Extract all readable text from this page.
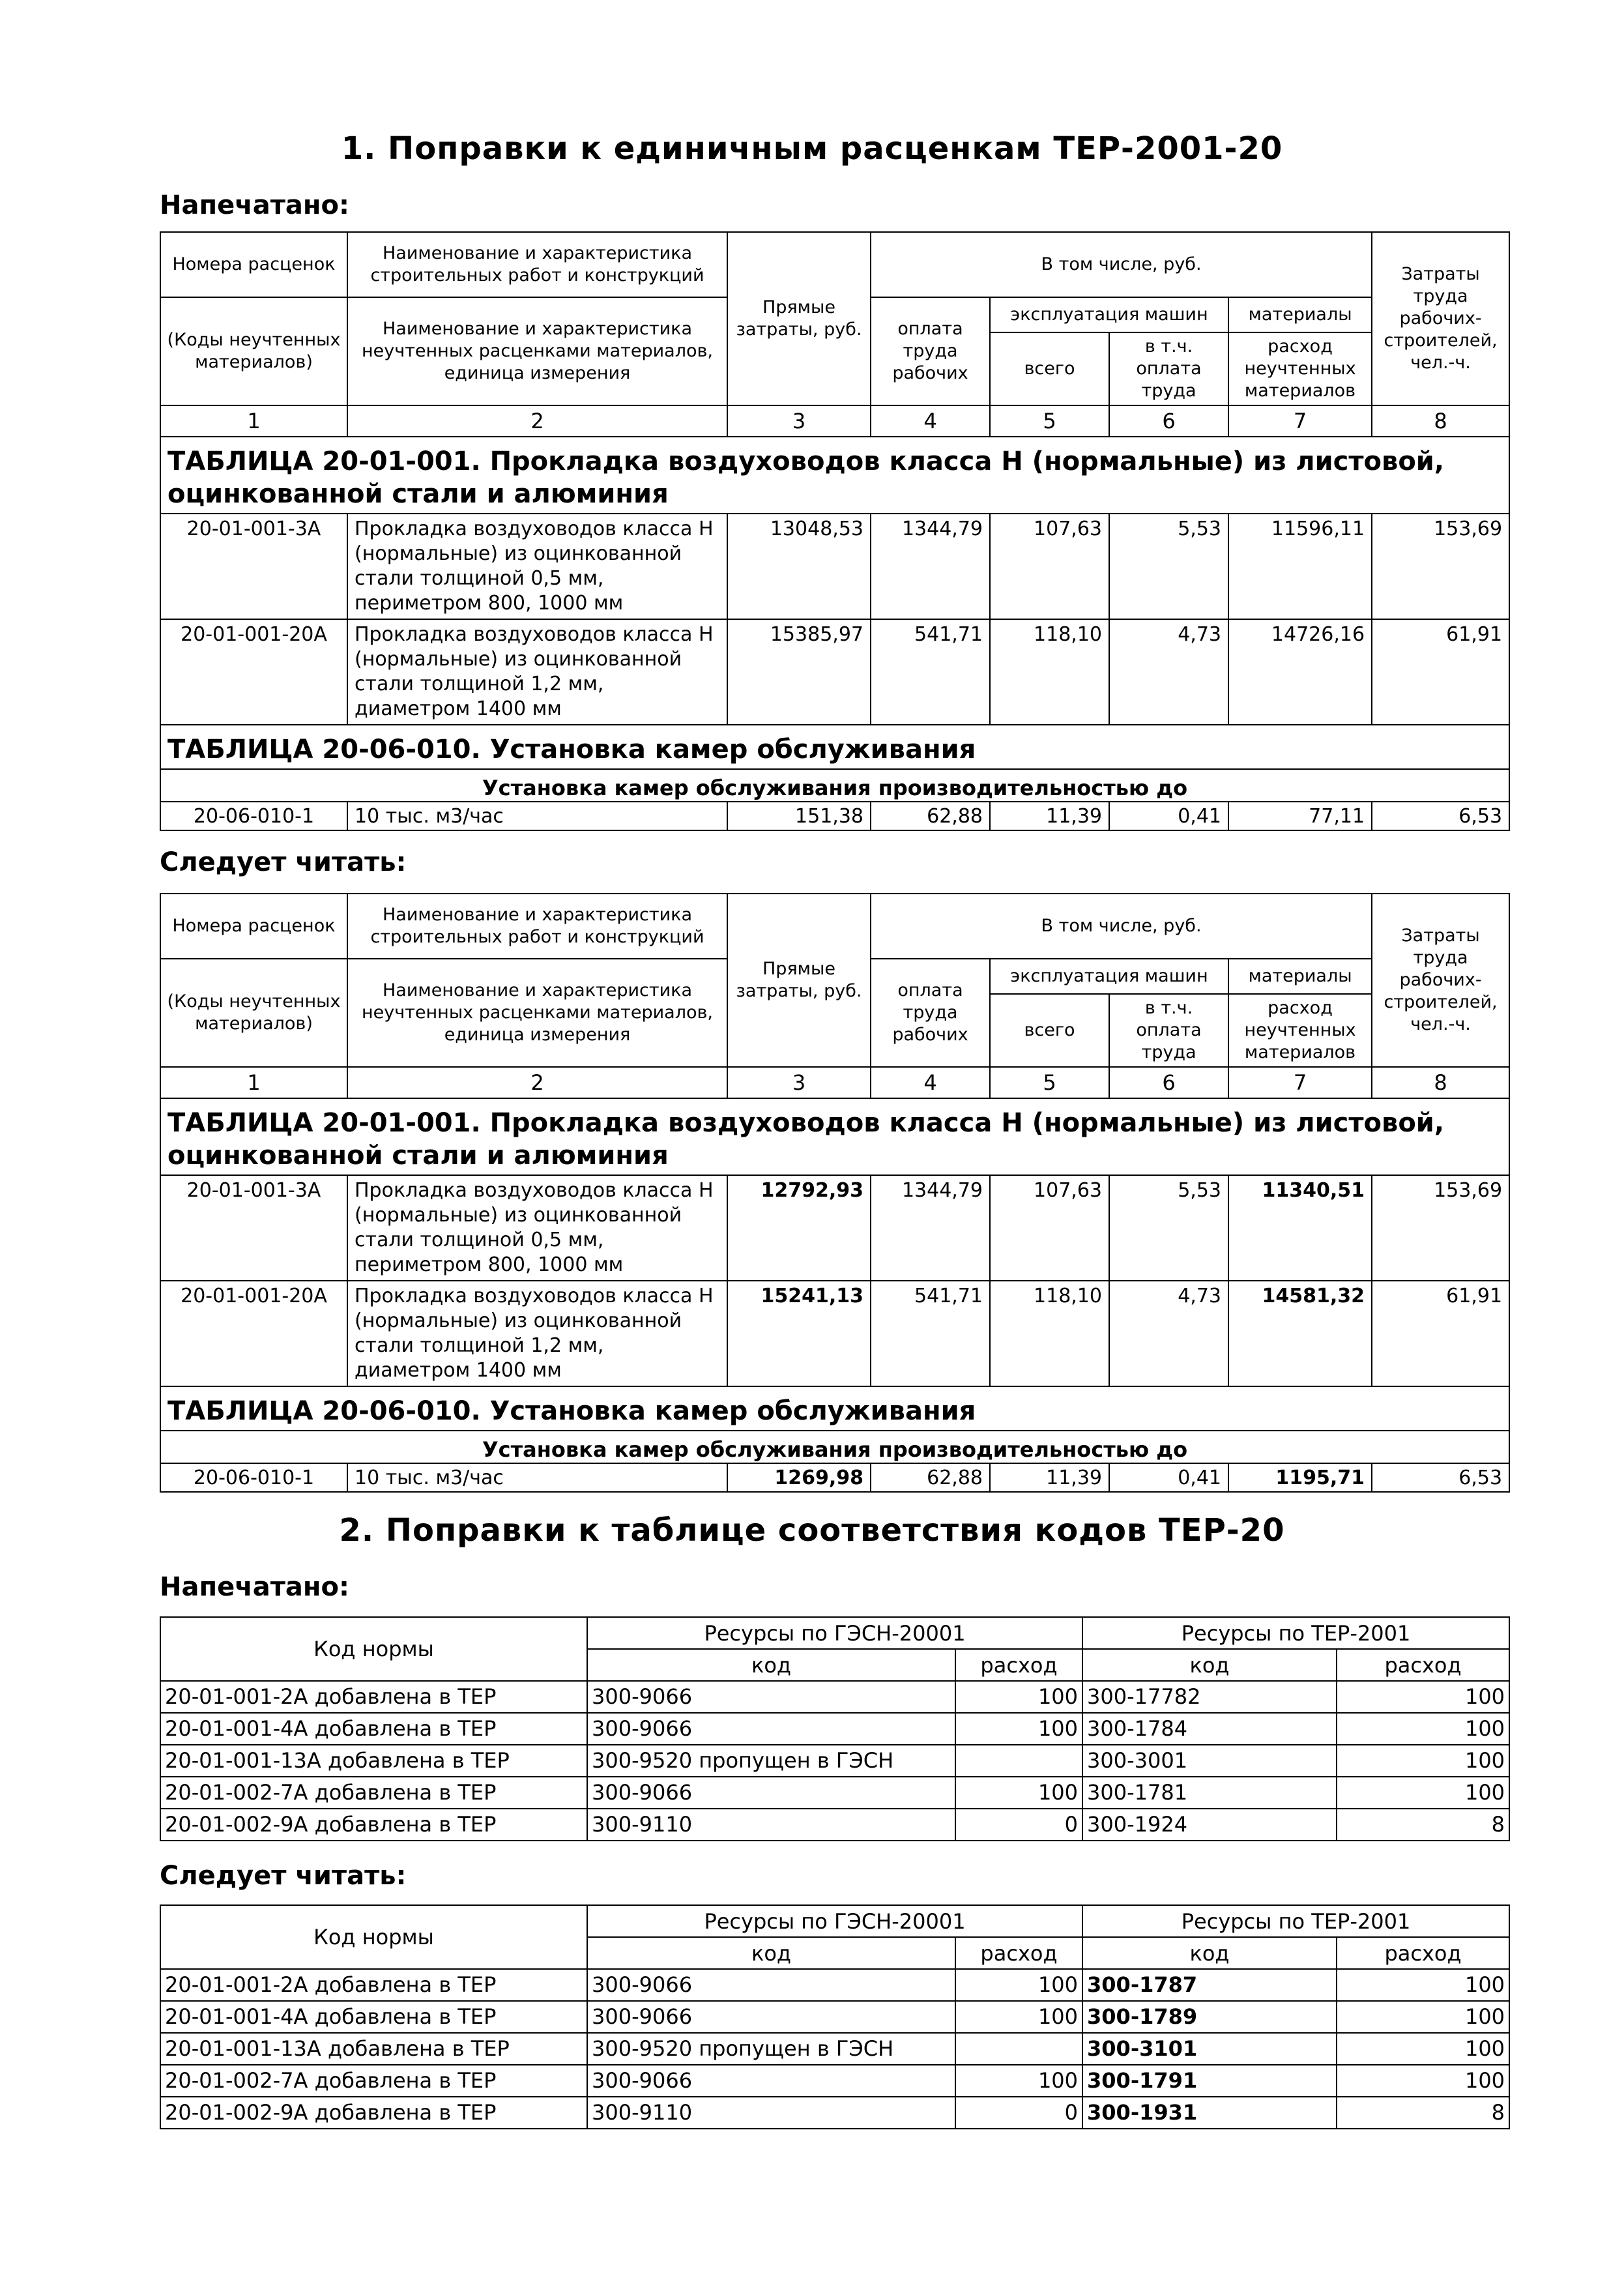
1. Поправки к единичным расценкам ТЕР-2001-20
Напечатано:
Номера расценок	Наименование и характеристика строительных работ и конструкций	Прямые затраты, руб.	В том числе, руб.				Затраты труда рабочих-строителей, чел.-ч.
(Коды неучтенных материалов)	Наименование и характеристика неучтенных расценками материалов, единица измерения		оплата труда рабочих	эксплуатация машин		материалы	
				всего	в т.ч. оплата труда	расход неучтенных материалов	
1	2	3	4	5	6	7	8
ТАБЛИЦА 20-01-001. Прокладка воздуховодов класса Н (нормальные) из листовой, оцинкованной стали и алюминия							
20-01-001-3А	Прокладка воздуховодов класса Н (нормальные) из оцинкованной стали толщиной 0,5 мм, периметром 800, 1000 мм	13048,53	1344,79	107,63	5,53	11596,11	153,69
20-01-001-20А	Прокладка воздуховодов класса Н (нормальные) из оцинкованной стали толщиной 1,2 мм, диаметром 1400 мм	15385,97	541,71	118,10	4,73	14726,16	61,91
ТАБЛИЦА 20-06-010. Установка камер обслуживания							
Установка камер обслуживания производительностью до							
20-06-010-1	10 тыс. м3/час	151,38	62,88	11,39	0,41	77,11	6,53
Следует читать:
Номера расценок	Наименование и характеристика строительных работ и конструкций	Прямые затраты, руб.	В том числе, руб.				Затраты труда рабочих-строителей, чел.-ч.
(Коды неучтенных материалов)	Наименование и характеристика неучтенных расценками материалов, единица измерения		оплата труда рабочих	эксплуатация машин		материалы	
				всего	в т.ч. оплата труда	расход неучтенных материалов	
1	2	3	4	5	6	7	8
ТАБЛИЦА 20-01-001. Прокладка воздуховодов класса Н (нормальные) из листовой, оцинкованной стали и алюминия							
20-01-001-3А	Прокладка воздуховодов класса Н (нормальные) из оцинкованной стали толщиной 0,5 мм, периметром 800, 1000 мм	12792,93	1344,79	107,63	5,53	11340,51	153,69
20-01-001-20А	Прокладка воздуховодов класса Н (нормальные) из оцинкованной стали толщиной 1,2 мм, диаметром 1400 мм	15241,13	541,71	118,10	4,73	14581,32	61,91
ТАБЛИЦА 20-06-010. Установка камер обслуживания							
Установка камер обслуживания производительностью до							
20-06-010-1	10 тыс. м3/час	1269,98	62,88	11,39	0,41	1195,71	6,53
2. Поправки к таблице соответствия кодов ТЕР-20
Напечатано:
Код нормы	Ресурсы по ГЭСН-20001		Ресурсы по ТЕР-2001	
	код	расход	код	расход
20-01-001-2А добавлена в ТЕР	300-9066	100	300-17782	100
20-01-001-4А добавлена в ТЕР	300-9066	100	300-1784	100
20-01-001-13А добавлена в ТЕР	300-9520 пропущен в ГЭСН		300-3001	100
20-01-002-7А добавлена в ТЕР	300-9066	100	300-1781	100
20-01-002-9А добавлена в ТЕР	300-9110	0	300-1924	8
Следует читать:
Код нормы	Ресурсы по ГЭСН-20001		Ресурсы по ТЕР-2001	
	код	расход	код	расход
20-01-001-2А добавлена в ТЕР	300-9066	100	300-1787	100
20-01-001-4А добавлена в ТЕР	300-9066	100	300-1789	100
20-01-001-13А добавлена в ТЕР	300-9520 пропущен в ГЭСН		300-3101	100
20-01-002-7А добавлена в ТЕР	300-9066	100	300-1791	100
20-01-002-9А добавлена в ТЕР	300-9110	0	300-1931	8
